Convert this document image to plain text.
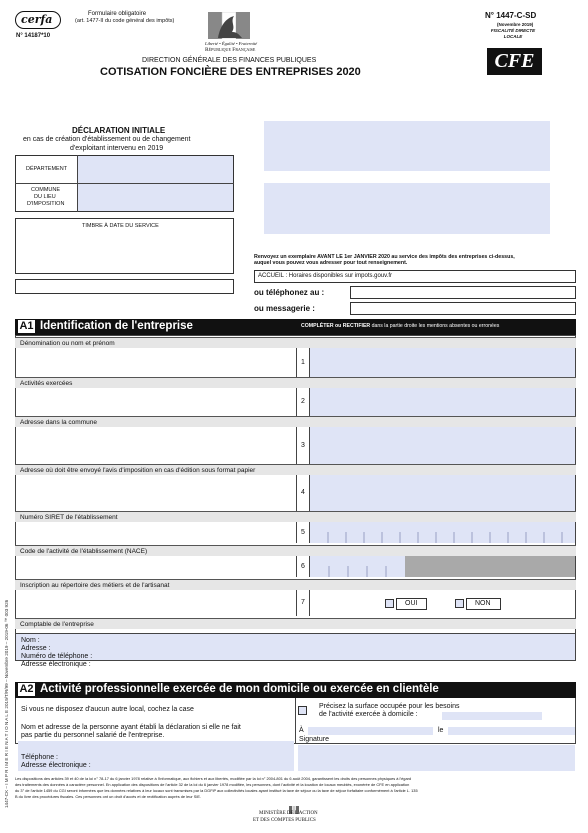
cerfa
N° 14187*10
Formulaire obligatoire
(art. 1477-II du code général des impôts)
Liberté • Égalité • Fraternité
République Française
DIRECTION GÉNÉRALE DES FINANCES PUBLIQUES
COTISATION FONCIÈRE DES ENTREPRISES 2020
N° 1447-C-SD
(Novembre 2019)
FISCALITÉ DIRECTE LOCALE
CFE
DÉCLARATION INITIALE
en cas de création d'établissement ou de changement
d'exploitant intervenu en 2019
DÉPARTEMENT
COMMUNE
DU LIEU
D'IMPOSITION
TIMBRE À DATE DU SERVICE
Renvoyez un exemplaire AVANT LE 1er JANVIER 2020 au service des impôts des entreprises ci-dessus,
auquel vous pouvez vous adresser pour tout renseignement.
ACCUEIL : Horaires disponibles sur impots.gouv.fr
ou téléphonez au :
ou messagerie :
A1 Identification de l'entreprise	COMPLÉTER ou RECTIFIER dans la partie droite les mentions absentes ou erronées
Dénomination ou nom et prénom
1
Activités exercées
2
Adresse dans la commune
3
Adresse où doit être envoyé l'avis d'imposition en cas d'édition sous format papier
4
Numéro SIRET de l'établissement
5
Code de l'activité de l'établissement (NACE)
6
Inscription au répertoire des métiers et de l'artisanat
7	OUI	NON
Comptable de l'entreprise
Nom :
Adresse :
Numéro de téléphone :
Adresse électronique :
A2 Activité professionnelle exercée de mon domicile ou exercée en clientèle
Si vous ne disposez d'aucun autre local, cochez la case	Précisez la surface occupée pour les besoins
de l'activité exercée à domicile :
Nom et adresse de la personne ayant établi la déclaration si elle ne fait
pas partie du personnel salarié de l'entreprise.
Téléphone :
Adresse électronique :
À	le
Signature
Les dispositions des articles 39 et 40 de la loi n° 78-17 du 6 janvier 1978 relative à l'informatique, aux fichiers et aux libertés, modifiée par la loi n° 2004-801 du 6 août 2004, garantissent les droits des personnes physiques à l'égard
des traitements des données à caractère personnel. En application des dispositions de l'article 32 de la loi du 6 janvier 1978 modifiée, les personnes, dont l'activité et la location de locaux meublés, exonérée de CFE en application
du 3° de l'article 1459 du CGI seront informées que les données relatives à leur locaux sont transmises par la DGFiP aux collectivités locales ayant institué la taxe de séjour ou la taxe de séjour forfaitaire conformément à l'article L. 135
B du livre des procédures fiscales. Ces personnes ont un droit d'accès et de rectification auprès de leur SIE.
1447-CK – I M P R I M E R I E N A T I O N A L E 2019/T/R/99 – Novembre 2019 – 2019-06 ™ 003 926
MINISTÈRE DE L'ACTION
ET DES COMPTES PUBLICS
